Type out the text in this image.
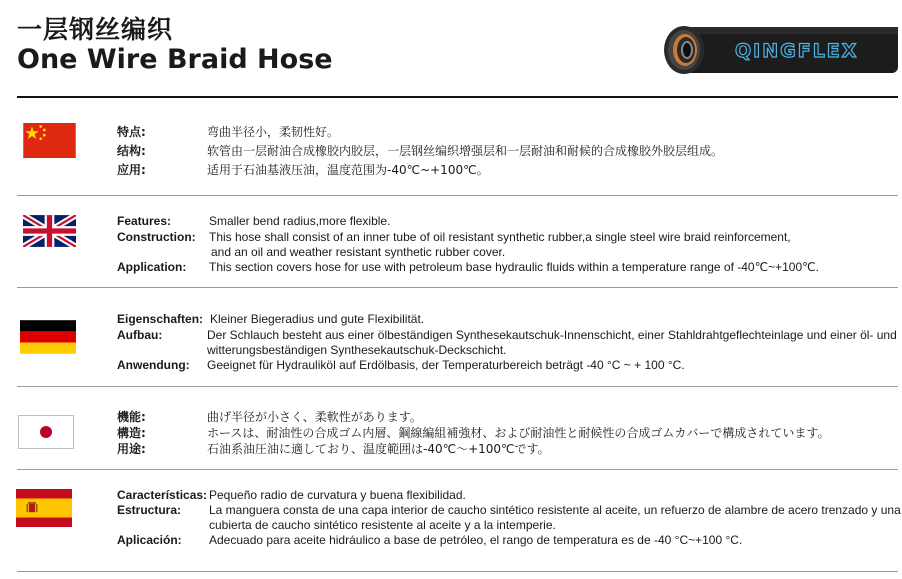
一层钢丝编织
One Wire Braid Hose	QINGFLEX
特点:	弯曲半径小，柔韧性好。
结构:	软管由一层耐油合成橡胶内胶层，一层钢丝编织增强层和一层耐油和耐候的合成橡胶外胶层组成。
应用:	适用于石油基液压油，温度范围为-40℃~+100℃。
Features:	Smaller bend radius,more flexible.
Construction: This hose shall consist of an inner tube of oil resistant synthetic rubber,a single steel wire braid reinforcement,
and an oil and weather resistant synthetic rubber cover.
Application: This section covers hose for use with petroleum base hydraulic fluids within a temperature range of -40℃~+100℃.
Eigenschaften: Kleiner Biegeradius und gute Flexibilität.
Aufbau:	Der Schlauch besteht aus einer ölbeständigen Synthesekautschuk-Innenschicht, einer Stahldrahtgeflechteinlage und einer öl- und
witterungsbeständigen Synthesekautschuk-Deckschicht.
Anwendung: Geeignet für Hydrauliköl auf Erdölbasis, der Temperaturbereich beträgt -40 °C ~ + 100 °C.
機能:	曲げ半径が小さく、柔軟性があります。
構造:	ホースは、耐油性の合成ゴム内層、鋼線編組補強材、および耐油性と耐候性の合成ゴムカバーで構成されています。
用途:	石油系油圧油に適しており、温度範囲は-40℃〜+100℃です。
Características: Pequeño radio de curvatura y buena flexibilidad.
Estructura: La manguera consta de una capa interior de caucho sintético resistente al aceite, un refuerzo de alambre de acero trenzado y una
cubierta de caucho sintético resistente al aceite y a la intemperie.
Aplicación: Adecuado para aceite hidráulico a base de petróleo, el rango de temperatura es de -40 °C~+100 °C.
